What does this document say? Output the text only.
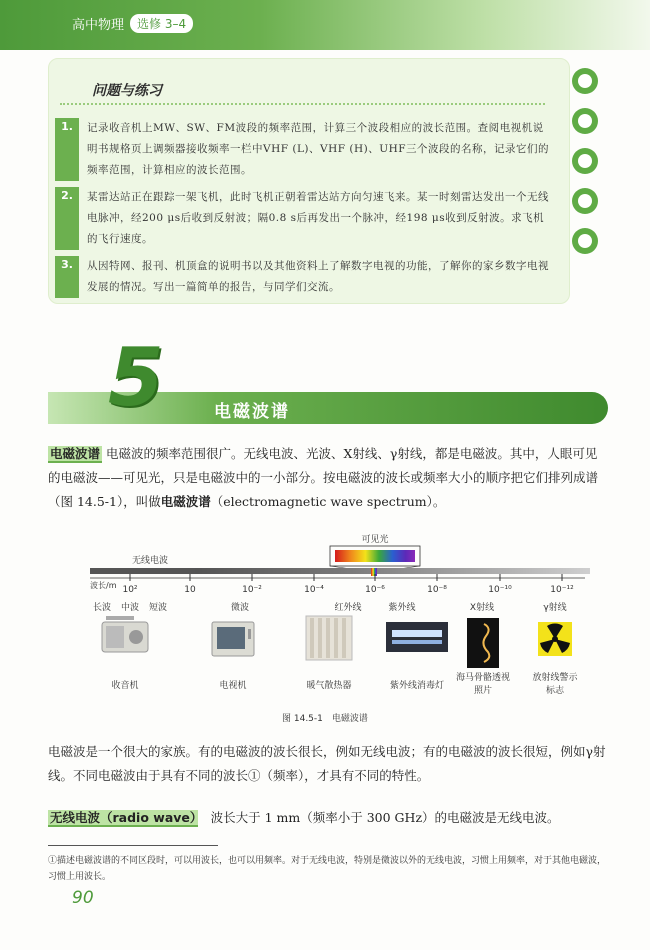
高中物理	选修 3–4
问题与练习
1.	记录收音机上MW、SW、FM波段的频率范围，计算三个波段相应的波长范围。查阅电视机说明书规格页上调频器接收频率一栏中VHF (L)、VHF (H)、UHF三个波段的名称，记录它们的频率范围，计算相应的波长范围。
2.	某雷达站正在跟踪一架飞机，此时飞机正朝着雷达站方向匀速飞来。某一时刻雷达发出一个无线电脉冲，经200 μs后收到反射波；隔0.8 s后再发出一个脉冲，经198 μs收到反射波。求飞机的飞行速度。
3.	从因特网、报刊、机顶盒的说明书以及其他资料上了解数字电视的功能，了解你的家乡数字电视发展的情况。写出一篇简单的报告，与同学们交流。
5	电磁波谱
电磁波谱 电磁波的频率范围很广。无线电波、光波、X射线、γ射线，都是电磁波。其中，人眼可见的电磁波——可见光，只是电磁波中的一小部分。按电磁波的波长或频率大小的顺序把它们排列成谱（图 14.5-1），叫做电磁波谱（electromagnetic wave spectrum）。
可见光
无线电波
波长/m 10²	10	10⁻²	10⁻⁴	10⁻⁶	10⁻⁸	10⁻¹⁰	10⁻¹²
长波 中波 短波	微波	红外线	紫外线	X射线	γ射线
收音机	电视机	暖气散热器	紫外线消毒灯
海马骨骼透视照片
放射线警示标志
图 14.5-1　电磁波谱
电磁波是一个很大的家族。有的电磁波的波长很长，例如无线电波；有的电磁波的波长很短，例如γ射线。不同电磁波由于具有不同的波长①（频率），才具有不同的特性。
无线电波（radio wave）　波长大于 1 mm（频率小于 300 GHz）的电磁波是无线电波。
①描述电磁波谱的不同区段时，可以用波长，也可以用频率。对于无线电波，特别是微波以外的无线电波，习惯上用频率，对于其他电磁波，习惯上用波长。
90
